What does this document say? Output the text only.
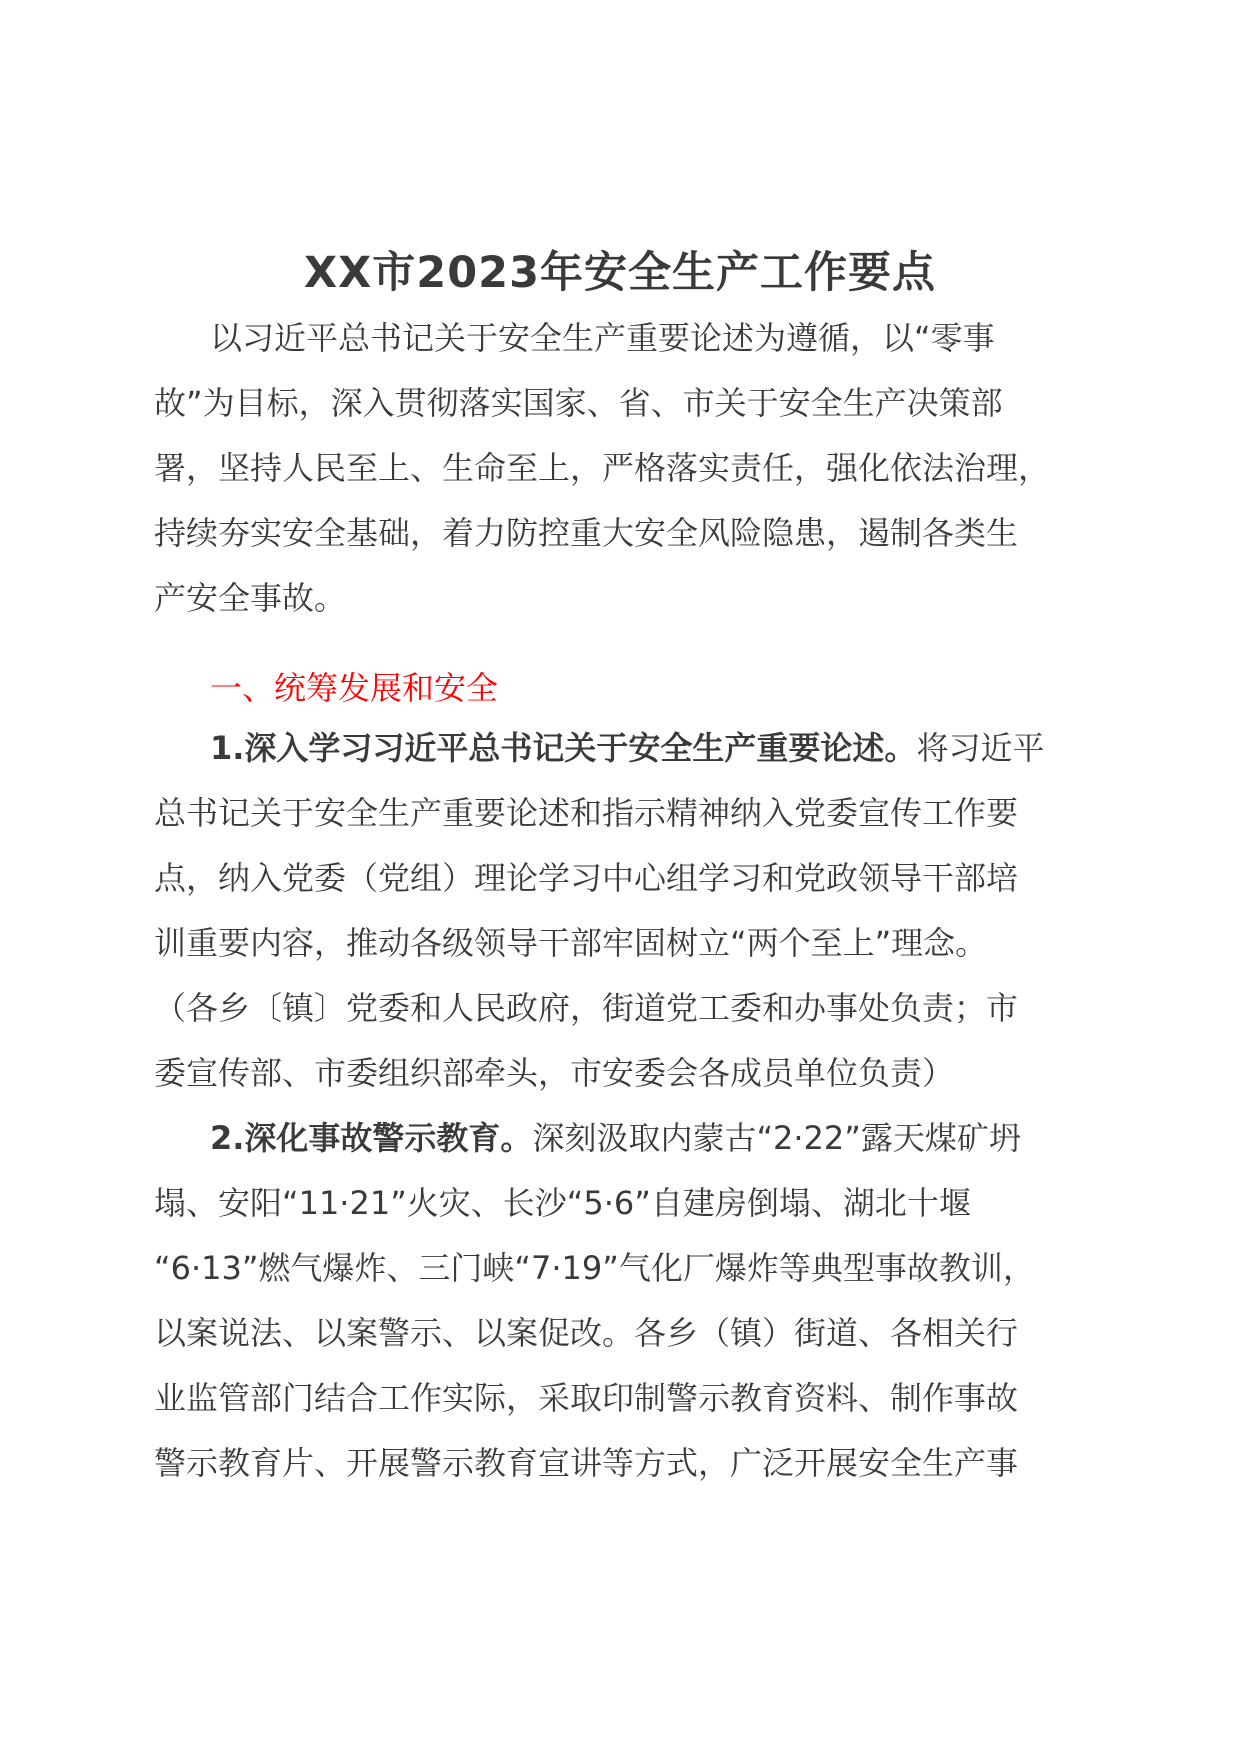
XX市2023年安全生产工作要点
以习近平总书记关于安全生产重要论述为遵循，以“零事
故”为目标，深入贯彻落实国家、省、市关于安全生产决策部
署，坚持人民至上、生命至上，严格落实责任，强化依法治理，
持续夯实安全基础，着力防控重大安全风险隐患，遏制各类生
产安全事故。
一、统筹发展和安全
1.深入学习习近平总书记关于安全生产重要论述。将习近平
总书记关于安全生产重要论述和指示精神纳入党委宣传工作要
点，纳入党委（党组）理论学习中心组学习和党政领导干部培
训重要内容，推动各级领导干部牢固树立“两个至上”理念。
（各乡〔镇〕党委和人民政府，街道党工委和办事处负责；市
委宣传部、市委组织部牵头，市安委会各成员单位负责）
2.深化事故警示教育。深刻汲取内蒙古“2·22”露天煤矿坍
塌、安阳“11·21”火灾、长沙“5·6”自建房倒塌、湖北十堰
“6·13”燃气爆炸、三门峡“7·19”气化厂爆炸等典型事故教训，
以案说法、以案警示、以案促改。各乡（镇）街道、各相关行
业监管部门结合工作实际，采取印制警示教育资料、制作事故
警示教育片、开展警示教育宣讲等方式，广泛开展安全生产事
